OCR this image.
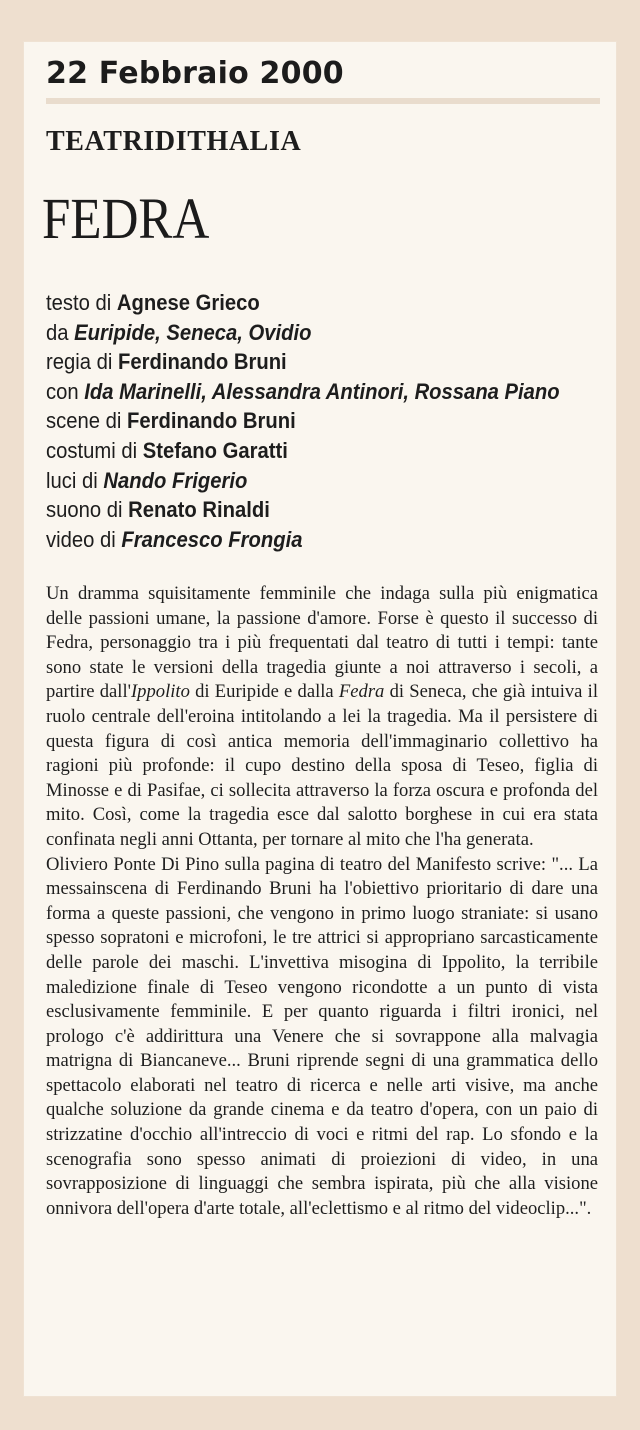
22 Febbraio 2000
TEATRIDITHALIA
FEDRA
testo di Agnese Grieco
da Euripide, Seneca, Ovidio
regia di Ferdinando Bruni
con Ida Marinelli, Alessandra Antinori, Rossana Piano
scene di Ferdinando Bruni
costumi di Stefano Garatti
luci di Nando Frigerio
suono di Renato Rinaldi
video di Francesco Frongia

Un dramma squisitamente femminile che indaga sulla più enigmatica delle passioni umane, la passione d'amore. Forse è questo il successo di Fedra, personaggio tra i più frequentati dal teatro di tutti i tempi: tante sono state le versioni della tragedia giunte a noi attraverso i secoli, a partire dall'Ippolito di Euripide e dalla Fedra di Seneca, che già intuiva il ruolo centrale dell'eroina intitolando a lei la tragedia. Ma il persistere di questa figura di così antica memoria dell'immaginario collettivo ha ragioni più profonde: il cupo destino della sposa di Teseo, figlia di Minosse e di Pasifae, ci sollecita attraverso la forza oscura e profonda del mito. Così, come la tragedia esce dal salotto borghese in cui era stata confinata negli anni Ottanta, per tornare al mito che l'ha generata.

Oliviero Ponte Di Pino sulla pagina di teatro del Manifesto scrive: "... La messainscena di Ferdinando Bruni ha l'obiettivo prioritario di dare una forma a queste passioni, che vengono in primo luogo straniate: si usano spesso sopratoni e microfoni, le tre attrici si appropriano sarcasticamente delle parole dei maschi. L'invettiva misogina di Ippolito, la terribile maledizione finale di Teseo vengono ricondotte a un punto di vista esclusivamente femminile. E per quanto riguarda i filtri ironici, nel prologo c'è addirittura una Venere che si sovrappone alla malvagia matrigna di Biancaneve... Bruni riprende segni di una grammatica dello spettacolo elaborati nel teatro di ricerca e nelle arti visive, ma anche qualche soluzione da grande cinema e da teatro d'opera, con un paio di strizzatine d'occhio all'intreccio di voci e ritmi del rap. Lo sfondo e la scenografia sono spesso animati di proiezioni di video, in una sovrapposizione di linguaggi che sembra ispirata, più che alla visione onnivora dell'opera d'arte totale, all'eclettismo e al ritmo del videoclip...".
